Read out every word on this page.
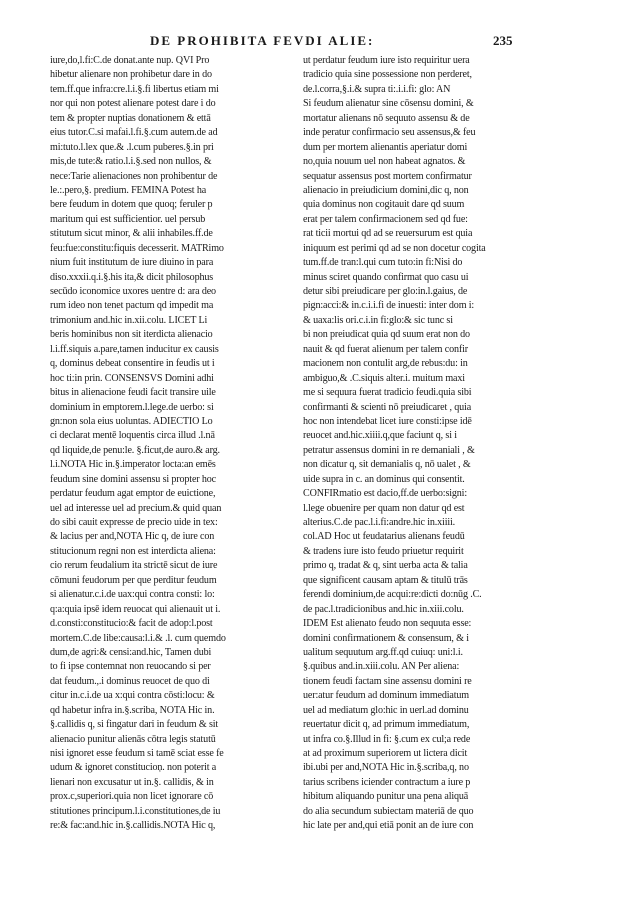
DE PROHIBITA FEVDI ALIE:	235
iure,do,l.fi:C.de donat.ante nup. QVI Pro
hibetur alienare non prohibetur dare in do
tem.ff.que infra:cre.l.i.§.fi libertus etiam mi
nor qui non potest alienare potest dare i do
tem & propter nuptias donationem & ettā
eius tutor.C.si mafai.l.fi.§.cum autem.de ad
mi:tuto.l.lex que.& .l.cum puberes.§.in pri
mis,de tute:& ratio.l.i.§.sed non nullos, &
nece:Tarie alienaciones non prohibentur de
le.:.pero,§. predium. FEMINA Potest ha
bere feudum in dotem que quoq; feruler p
maritum qui est sufficientior. uel persub
stitutum sicut minor, & alii inhabiles.ff.de
feu:fue:constitu:fiquis decesserit. MATRimo
nium fuit institutum de iure diuino in para
diso.xxxii.q.i.§.his ita,& dicit philosophus
secūdo iconomice uxores uentre d: ara deo
rum ideo non tenet pactum qd impedit ma
trimonium and.hic in.xii.colu. LICET Li
beris hominibus non sit iterdicta alienacio
l.i.ff.siquis a.pare,tamen inducitur ex causis
q, dominus debeat consentire in feudis ut i
hoc ti:in prin. CONSENSVS Domini adhi
bitus in alienacione feudi facit transire uile
dominium in emptorem.l.lege.de uerbo: si
gn:non sola eius uoluntas. ADIECTIO Lo
ci declarat mentē loquentis circa illud .l.nā
qd liquide,de penu:le. §.ficut,de auro.& arg.
l.i.NOTA Hic in.§.imperator locta:an emēs
feudum sine domini assensu si propter hoc
perdatur feudum agat emptor de euictione,
uel ad interesse uel ad precium.& quid quan
do sibi cauit expresse de precio uide in tex:
& lacius per and,NOTA Hic q, de iure con
stitucionum regni non est interdicta aliena:
cio rerum feudalium ita strictē sicut de iure
cōmuni feudorum per que perditur feudum
si alienatur.c.i.de uax:qui contra consti: lo:
q:a:quia ipsē idem reuocat qui alienauit ut i.
d.consti:constitucio:& facit de adop:l.post
mortem.C.de libe:causa:l.i.& .l. cum quemdo
dum,de agri:& censi:and.hic, Tamen dubi
to fi ipse contemnat non reuocando si per
dat feudum.,.i dominus reuocet de quo di
citur in.c.i.de ua x:qui contra cōsti:locu: &
qd habetur infra in.§.scriba, NOTA Hic in.
§.callidis q, si fingatur dari in feudum & sit
alienacio punitur alienās cōtra legis statutū
nisi ignoret esse feudum si tamē sciat esse fe
udum & ignoret constitucioņ. non poterit a
lienari non excusatur ut in.§. callidis, & in
prox.c,superiori.quia non licet ignorare cō
stitutiones principum.l.i.constitutiones,de iu
re:& fac:and.hic in.§.callidis.NOTA Hic q,
ut perdatur feudum iure isto requiritur uera
tradicio quia sine possessione non perderet,
de.l.corra,§.i.& supra ti:.i.i.fi: glo: AN
Si feudum alienatur sine cōsensu domini, &
mortatur alienans nō sequuto assensu & de
inde peratur confirmacio seu assensus,& feu
dum per mortem alienantis aperiatur domi
no,quia nouum uel non habeat agnatos. &
sequatur assensus post mortem confirmatur
alienacio in preiudicium domini,dic q, non
quia dominus non cogitauit dare qd suum
erat per talem confirmacionem sed qd fue:
rat ticii mortui qd ad se reuersurum est quia
iniquum est perimi qd ad se non docetur cogita
tum.ff.de tran:l.qui cum tuto:in fi:Nisi do
minus sciret quando confirmat quo casu ui
detur sibi preiudicare per glo:in.l.gaius, de
pign:acci:& in.c.i.i.fi de inuesti: inter dom i:
& uaxa:lis ori.c.i.in fi:glo:& sic tunc si
bi non preiudicat quia qd suum erat non do
nauit & qd fuerat alienum per talem confir
macionem non contulit arg,de rebus:du: in
ambiguo,& .C.siquis alter.i. muitum maxi
me si sequura fuerat tradicio feudi.quia sibi
confirmanti & scienti nō preiudicaret , quia
hoc non intendebat licet iure consti:ipse idē
reuocet and.hic.xiiii.q,que faciunt q, si i
petratur assensus domini in re demaniali , &
non dicatur q, sit demanialis q, nō ualet , &
uide supra in c. an dominus qui consentit.
CONFIRmatio est dacio,ff.de uerbo:signi:
l.lege obuenire per quam non datur qd est
alterius.C.de pac.l.i.fi:andre.hic in.xiiii.
col.AD Hoc ut feudatarius alienans feudū
& tradens iure isto feudo priuetur requirit
primo q, tradat & q, sint uerba acta & talia
que significent causam aptam & titulū trās
ferendi dominium,de acqui:re:dicti do:nūg .C.
de pac.l.tradicionibus and.hic in.xiii.colu.
IDEM Est alienato feudo non sequuta esse:
domini confirmationem & consensum, & i
ualitum sequutum arg.ff.qd cuiuq: uni:l.i.
§.quibus and.in.xiii.colu. AN Per aliena:
tionem feudi factam sine assensu domini re
uer:atur feudum ad dominum immediatum
uel ad mediatum glo:hic in uerl.ad dominu
reuertatur dicit q, ad primum immediatum,
ut infra co.§.Illud in fi: §.cum ex cul;a rede
at ad proximum superiorem ut lictera dicit
ibi.ubi per and,NOTA Hic in.§.scriba,q, no
tarius scribens iciender contractum a iure p
hibitum aliquando punitur una pena aliquā
do alia secundum subiectam materiā de quo
hic late per and,qui etiā ponit an de iure con
